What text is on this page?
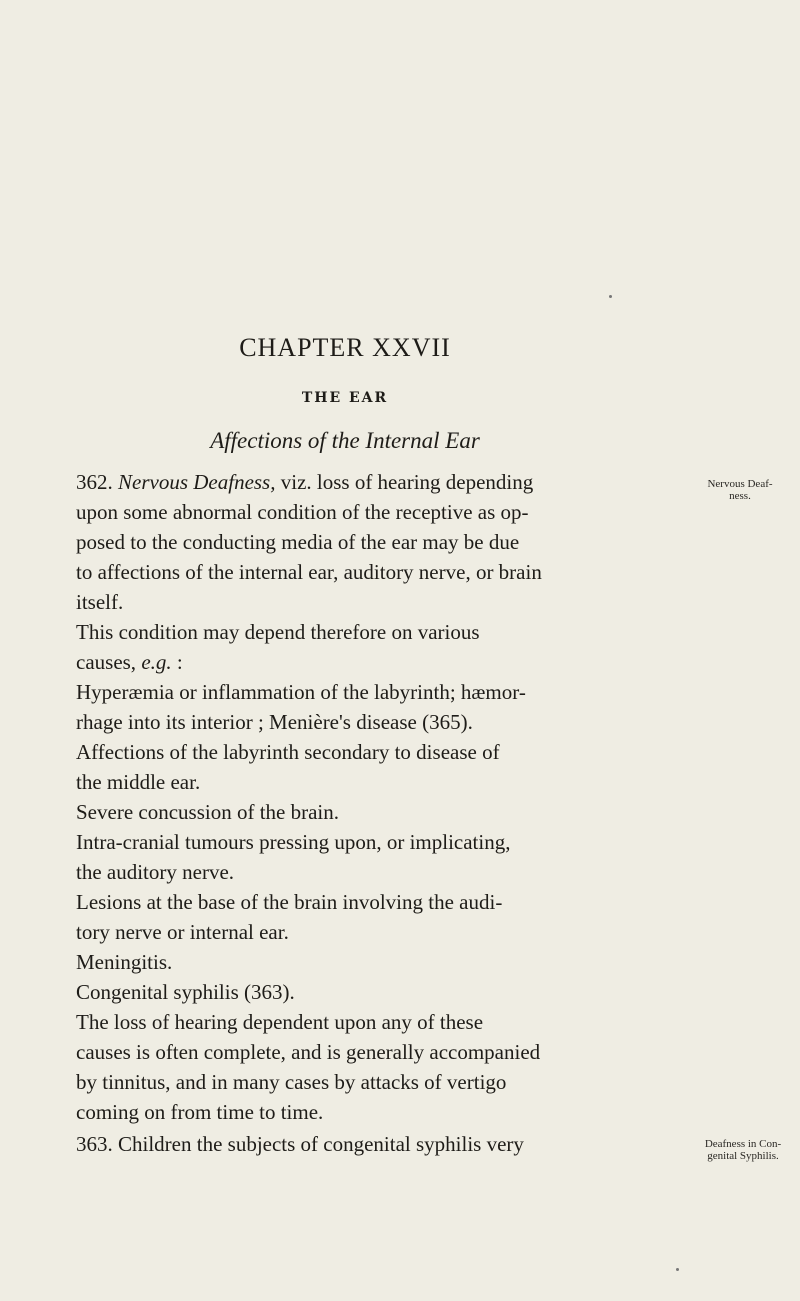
CHAPTER XXVII
THE EAR
Affections of the Internal Ear
362. Nervous Deafness, viz. loss of hearing depending
upon some abnormal condition of the receptive as op-
posed to the conducting media of the ear may be due
to affections of the internal ear, auditory nerve, or brain
itself.
This condition may depend therefore on various
causes, e.g. :
Hyperæmia or inflammation of the labyrinth; hæmor-
rhage into its interior ; Menière's disease (365).
Affections of the labyrinth secondary to disease of
the middle ear.
Severe concussion of the brain.
Intra-cranial tumours pressing upon, or implicating,
the auditory nerve.
Lesions at the base of the brain involving the audi-
tory nerve or internal ear.
Meningitis.
Congenital syphilis (363).
The loss of hearing dependent upon any of these
causes is often complete, and is generally accompanied
by tinnitus, and in many cases by attacks of vertigo
coming on from time to time.
363. Children the subjects of congenital syphilis very
Nervous Deaf-
ness.
Deafness in Con-
genital Syphilis.
